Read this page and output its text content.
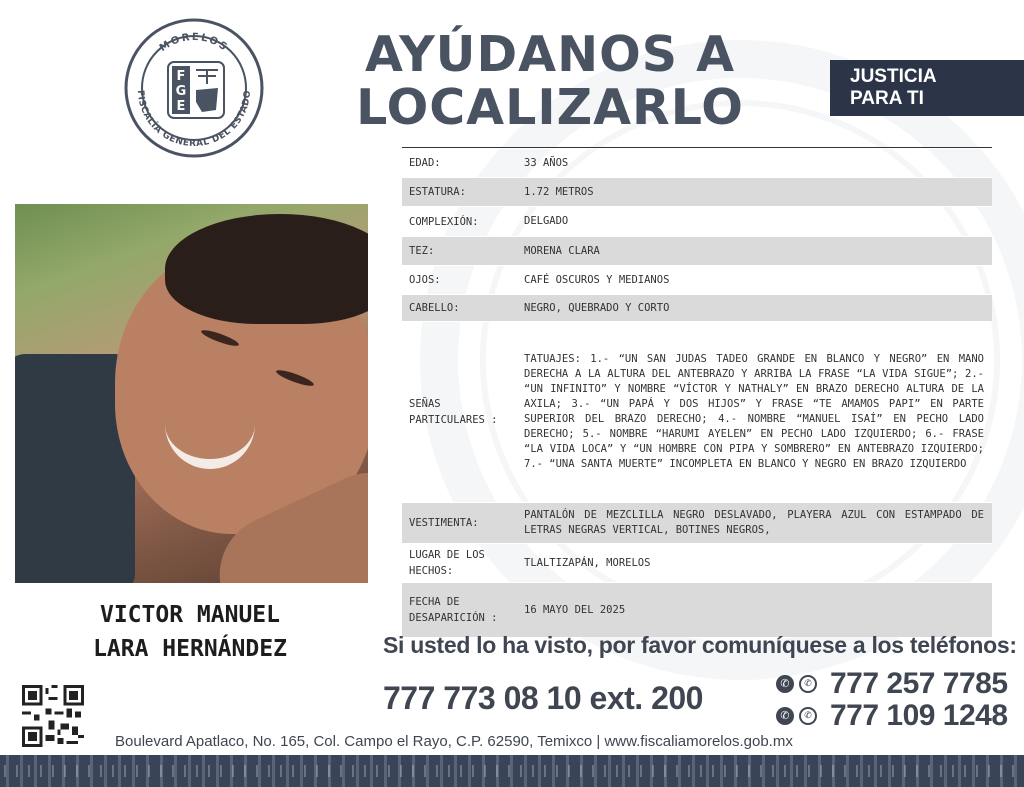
MORELOS
FISCALÍA GENERAL DEL ESTADO
F
G
E
AYÚDANOS A
LOCALIZARLO
JUSTICIA
PARA TI
VICTOR MANUEL
LARA HERNÁNDEZ
EDAD:	33 AÑOS
ESTATURA:	1.72 METROS
COMPLEXIÓN:	DELGADO
TEZ:	MORENA CLARA
OJOS:	CAFÉ OSCUROS Y MEDIANOS
CABELLO:	NEGRO, QUEBRADO Y CORTO
SEÑAS PARTICULARES :
TATUAJES: 1.- “UN SAN JUDAS TADEO GRANDE EN BLANCO Y NEGRO” EN MANO DERECHA A LA ALTURA DEL ANTEBRAZO Y ARRIBA LA FRASE “LA VIDA SIGUE”; 2.- “UN INFINITO” Y NOMBRE “VÍCTOR Y NATHALY” EN BRAZO DERECHO ALTURA DE LA AXILA; 3.- “UN PAPÁ Y DOS HIJOS” Y FRASE “TE AMAMOS PAPI” EN PARTE SUPERIOR DEL BRAZO DERECHO; 4.- NOMBRE “MANUEL ISAÍ” EN PECHO LADO DERECHO; 5.- NOMBRE “HARUMI AYELEN” EN PECHO LADO IZQUIERDO; 6.- FRASE “LA VIDA LOCA” Y “UN HOMBRE CON PIPA Y SOMBRERO” EN ANTEBRAZO IZQUIERDO; 7.- “UNA SANTA MUERTE” INCOMPLETA EN BLANCO Y NEGRO EN BRAZO IZQUIERDO
VESTIMENTA:
PANTALÓN DE MEZCLILLA NEGRO DESLAVADO, PLAYERA AZUL CON ESTAMPADO DE LETRAS NEGRAS VERTICAL, BOTINES NEGROS,
LUGAR DE LOS HECHOS:
TLALTIZAPÁN, MORELOS
FECHA DE DESAPARICIÓN :
16 MAYO DEL 2025
Si usted lo ha visto, por favor comuníquese a los teléfonos:
777 773 08 10 ext. 200	✆	✆ 777 257 7785
✆	✆ 777 109 1248
Boulevard Apatlaco, No. 165, Col. Campo el Rayo, C.P. 62590, Temixco | www.fiscaliamorelos.gob.mx
